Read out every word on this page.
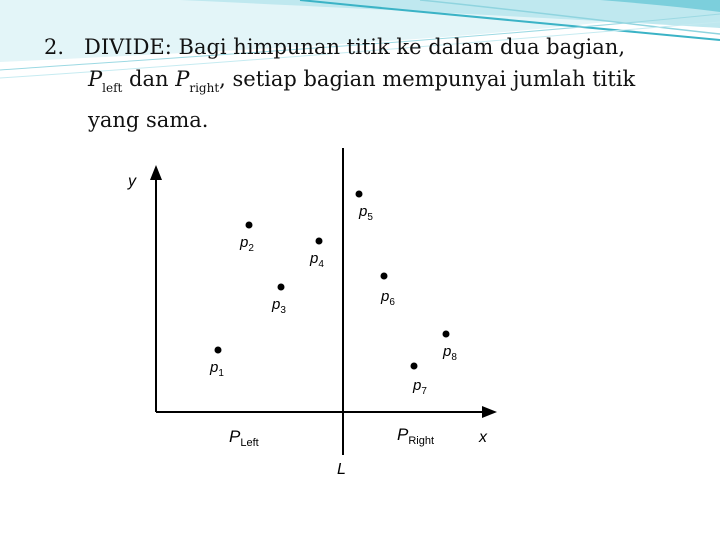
2. DIVIDE: Bagi himpunan titik ke dalam dua bagian,
$P_{left}$ dan $P_{right}$, setiap bagian mempunyai jumlah titik
yang sama.
y
x
L
$P_{Left}$	$P_{Right}$
$p_1$
$p_2$
$p_3$
$p_4$
$p_5$
$p_6$
$p_7$
$p_8$
